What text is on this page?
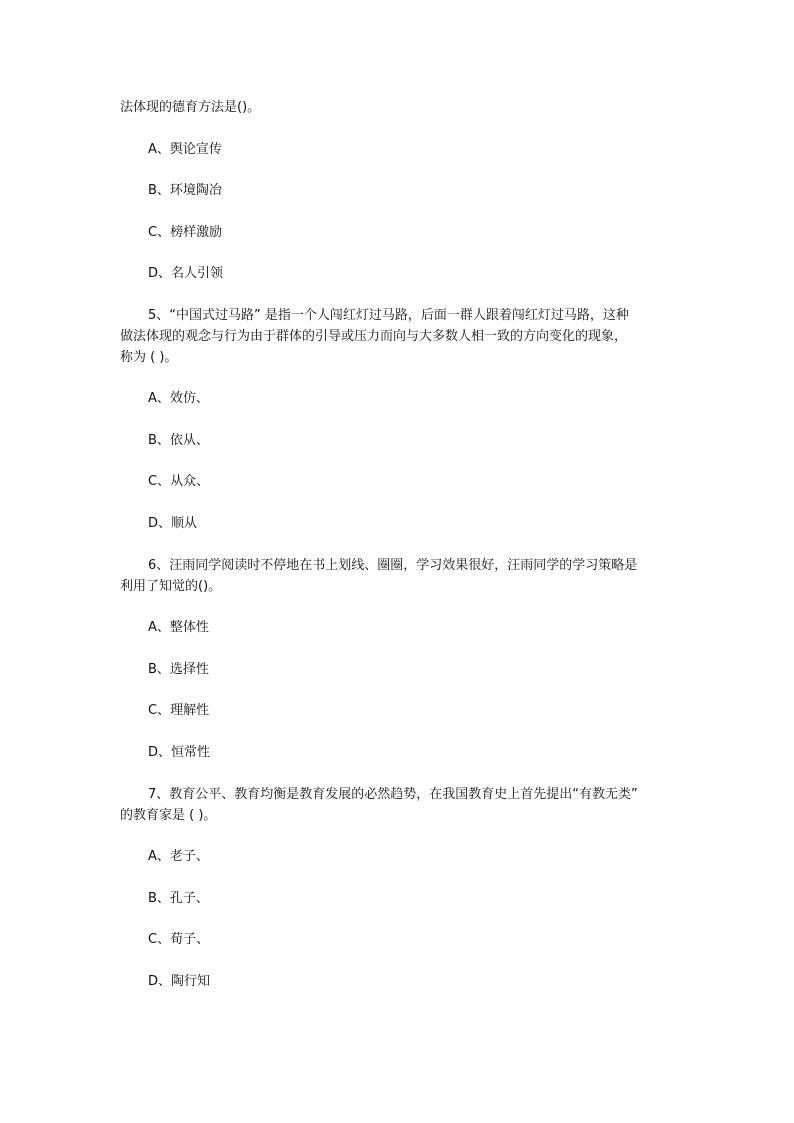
法体现的德育方法是()。
A、舆论宣传
B、环境陶冶
C、榜样激励
D、名人引领
5、“中国式过马路” 是指一个人闯红灯过马路，后面一群人跟着闯红灯过马路，这种
做法体现的观念与行为由于群体的引导或压力而向与大多数人相一致的方向变化的现象，
称为 ( )。
A、效仿、
B、依从、
C、从众、
D、顺从
6、汪雨同学阅读时不停地在书上划线、圈圈，学习效果很好，汪雨同学的学习策略是
利用了知觉的()。
A、整体性
B、选择性
C、理解性
D、恒常性
7、教育公平、教育均衡是教育发展的必然趋势，在我国教育史上首先提出“有教无类”
的教育家是 ( )。
A、老子、
B、孔子、
C、荀子、
D、陶行知
